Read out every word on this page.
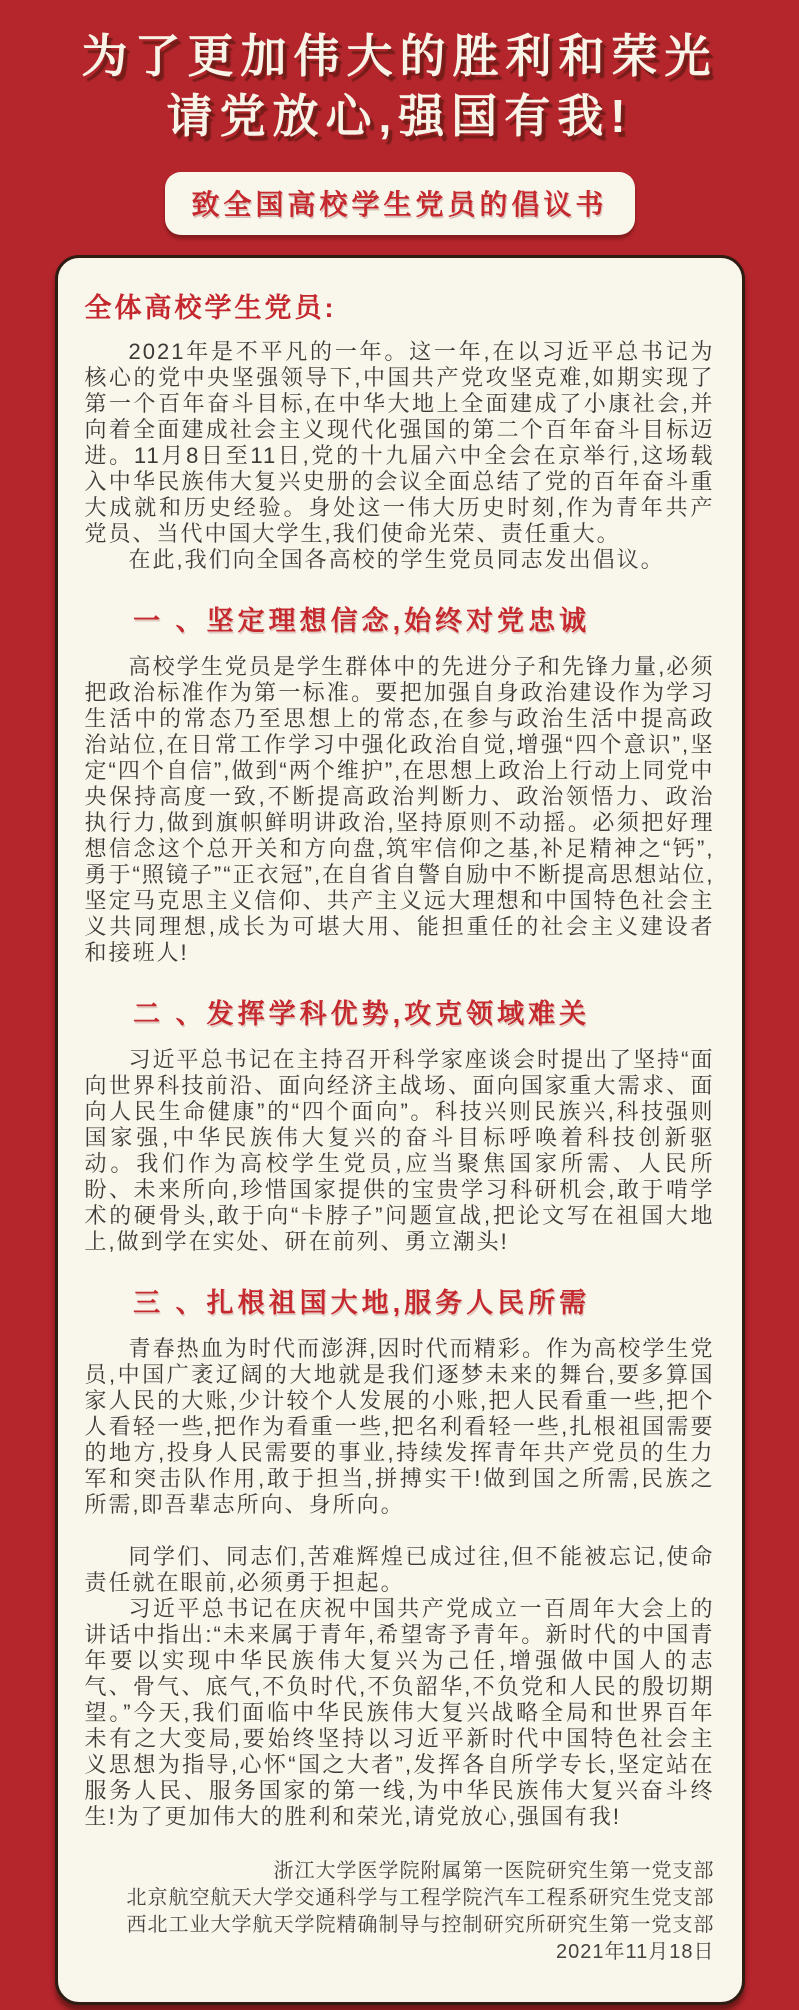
为了更加伟大的胜利和荣光
请党放心,强国有我!
致全国高校学生党员的倡议书
全体高校学生党员:

2021年是不平凡的一年。这一年,在以习近平总书记为核心的党中央坚强领导下,中国共产党攻坚克难,如期实现了第一个百年奋斗目标,在中华大地上全面建成了小康社会,并向着全面建成社会主义现代化强国的第二个百年奋斗目标迈进。11月8日至11日,党的十九届六中全会在京举行,这场载入中华民族伟大复兴史册的会议全面总结了党的百年奋斗重大成就和历史经验。身处这一伟大历史时刻,作为青年共产党员、当代中国大学生,我们使命光荣、责任重大。

在此,我们向全国各高校的学生党员同志发出倡议。

一 、坚定理想信念,始终对党忠诚

高校学生党员是学生群体中的先进分子和先锋力量,必须把政治标准作为第一标准。要把加强自身政治建设作为学习生活中的常态乃至思想上的常态,在参与政治生活中提高政治站位,在日常工作学习中强化政治自觉,增强“四个意识”,坚定“四个自信”,做到“两个维护”,在思想上政治上行动上同党中央保持高度一致,不断提高政治判断力、政治领悟力、政治执行力,做到旗帜鲜明讲政治,坚持原则不动摇。必须把好理想信念这个总开关和方向盘,筑牢信仰之基,补足精神之“钙”,勇于“照镜子”“正衣冠”,在自省自警自励中不断提高思想站位,坚定马克思主义信仰、共产主义远大理想和中国特色社会主义共同理想,成长为可堪大用、能担重任的社会主义建设者和接班人!

二 、发挥学科优势,攻克领域难关

习近平总书记在主持召开科学家座谈会时提出了坚持“面向世界科技前沿、面向经济主战场、面向国家重大需求、面向人民生命健康”的“四个面向”。科技兴则民族兴,科技强则国家强,中华民族伟大复兴的奋斗目标呼唤着科技创新驱动。我们作为高校学生党员,应当聚焦国家所需、人民所盼、未来所向,珍惜国家提供的宝贵学习科研机会,敢于啃学术的硬骨头,敢于向“卡脖子”问题宣战,把论文写在祖国大地上,做到学在实处、研在前列、勇立潮头!

三 、扎根祖国大地,服务人民所需

青春热血为时代而澎湃,因时代而精彩。作为高校学生党员,中国广袤辽阔的大地就是我们逐梦未来的舞台,要多算国家人民的大账,少计较个人发展的小账,把人民看重一些,把个人看轻一些,把作为看重一些,把名利看轻一些,扎根祖国需要的地方,投身人民需要的事业,持续发挥青年共产党员的生力军和突击队作用,敢于担当,拼搏实干!做到国之所需,民族之所需,即吾辈志所向、身所向。

同学们、同志们,苦难辉煌已成过往,但不能被忘记,使命责任就在眼前,必须勇于担起。

习近平总书记在庆祝中国共产党成立一百周年大会上的讲话中指出:“未来属于青年,希望寄予青年。新时代的中国青年要以实现中华民族伟大复兴为己任,增强做中国人的志气、骨气、底气,不负时代,不负韶华,不负党和人民的殷切期望。”今天,我们面临中华民族伟大复兴战略全局和世界百年未有之大变局,要始终坚持以习近平新时代中国特色社会主义思想为指导,心怀“国之大者”,发挥各自所学专长,坚定站在服务人民、服务国家的第一线,为中华民族伟大复兴奋斗终生!为了更加伟大的胜利和荣光,请党放心,强国有我!

浙江大学医学院附属第一医院研究生第一党支部
北京航空航天大学交通科学与工程学院汽车工程系研究生党支部
西北工业大学航天学院精确制导与控制研究所研究生第一党支部
2021年11月18日
